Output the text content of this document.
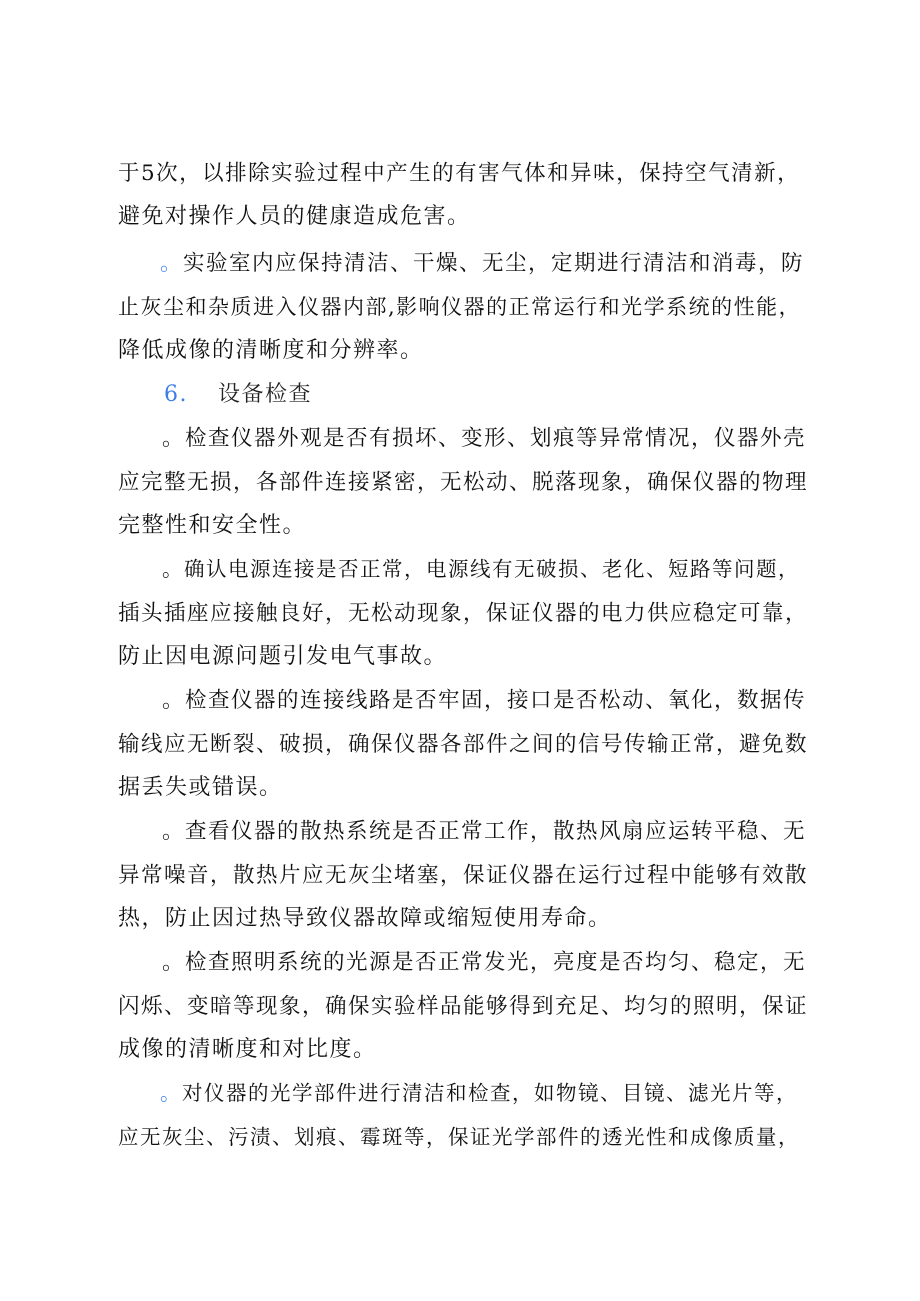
于5次，以排除实验过程中产生的有害气体和异味，保持空气清新，
避免对操作人员的健康造成危害。
。实验室内应保持清洁、干燥、无尘，定期进行清洁和消毒，防
止灰尘和杂质进入仪器内部,影响仪器的正常运行和光学系统的性能，
降低成像的清晰度和分辨率。
6. 设备检查
。检查仪器外观是否有损坏、变形、划痕等异常情况，仪器外壳
应完整无损，各部件连接紧密，无松动、脱落现象，确保仪器的物理
完整性和安全性。
。确认电源连接是否正常，电源线有无破损、老化、短路等问题，
插头插座应接触良好，无松动现象，保证仪器的电力供应稳定可靠，
防止因电源问题引发电气事故。
。检查仪器的连接线路是否牢固，接口是否松动、氧化，数据传
输线应无断裂、破损，确保仪器各部件之间的信号传输正常，避免数
据丢失或错误。
。查看仪器的散热系统是否正常工作，散热风扇应运转平稳、无
异常噪音，散热片应无灰尘堵塞，保证仪器在运行过程中能够有效散
热，防止因过热导致仪器故障或缩短使用寿命。
。检查照明系统的光源是否正常发光，亮度是否均匀、稳定，无
闪烁、变暗等现象，确保实验样品能够得到充足、均匀的照明，保证
成像的清晰度和对比度。
。对仪器的光学部件进行清洁和检查，如物镜、目镜、滤光片等，
应无灰尘、污渍、划痕、霉斑等，保证光学部件的透光性和成像质量，
